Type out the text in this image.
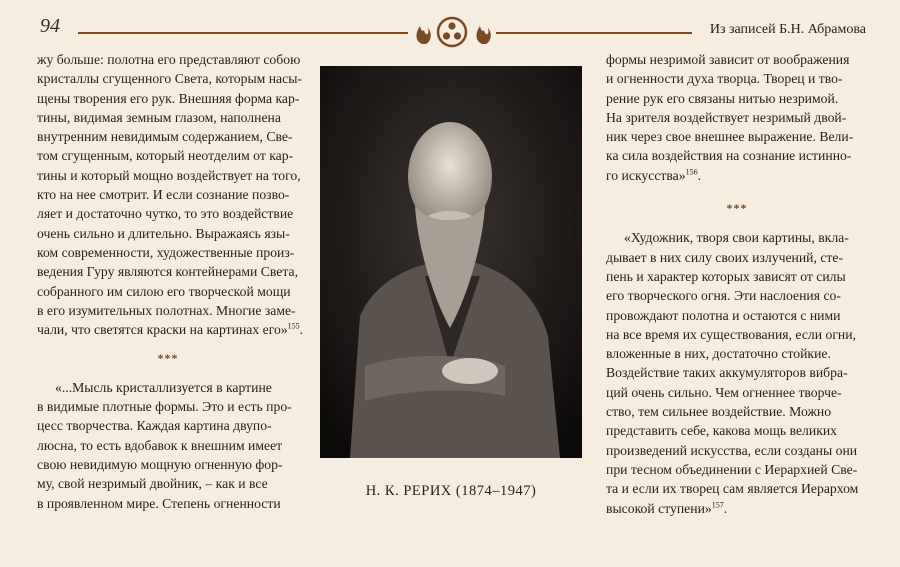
94	Из записей Б.Н. Абрамова

жу больше: полотна его представляют собою
кристаллы сгущенного Света, которым насы-
щены творения его рук. Внешняя форма кар-
тины, видимая земным глазом, наполнена
внутренним невидимым содержанием, Све-
том сгущенным, который неотделим от кар-
тины и который мощно воздействует на того,
кто на нее смотрит. И если сознание позво-
ляет и достаточно чутко, то это воздействие
очень сильно и длительно. Выражаясь язы-
ком современности, художественные произ-
ведения Гуру являются контейнерами Света,
собранного им силою его творческой мощи
в его изумительных полотнах. Многие заме-
чали, что светятся краски на картинах его»$^{155}$.

***

«...Мысль кристаллизуется в картине
в видимые плотные формы. Это и есть про-
цесс творчества. Каждая картина двупо-
люсна, то есть вдобавок к внешним имеет
свою невидимую мощную огненную фор-
му, свой незримый двойник, – как и все
в проявленном мире. Степень огненности

Н. К. РЕРИХ (1874–1947)

формы незримой зависит от воображения
и огненности духа творца. Творец и тво-
рение рук его связаны нитью незримой.
На зрителя воздействует незримый двой-
ник через свое внешнее выражение. Вели-
ка сила воздействия на сознание истинно-
го искусства»$^{156}$.

***

«Художник, творя свои картины, вкла-
дывает в них силу своих излучений, сте-
пень и характер которых зависят от силы
его творческого огня. Эти наслоения со-
провождают полотна и остаются с ними
на все время их существования, если огни,
вложенные в них, достаточно стойкие.
Воздействие таких аккумуляторов вибра-
ций очень сильно. Чем огненнее творче-
ство, тем сильнее воздействие. Можно
представить себе, какова мощь великих
произведений искусства, если созданы они
при тесном объединении с Иерархией Све-
та и если их творец сам является Иерархом
высокой ступени»$^{157}$.
